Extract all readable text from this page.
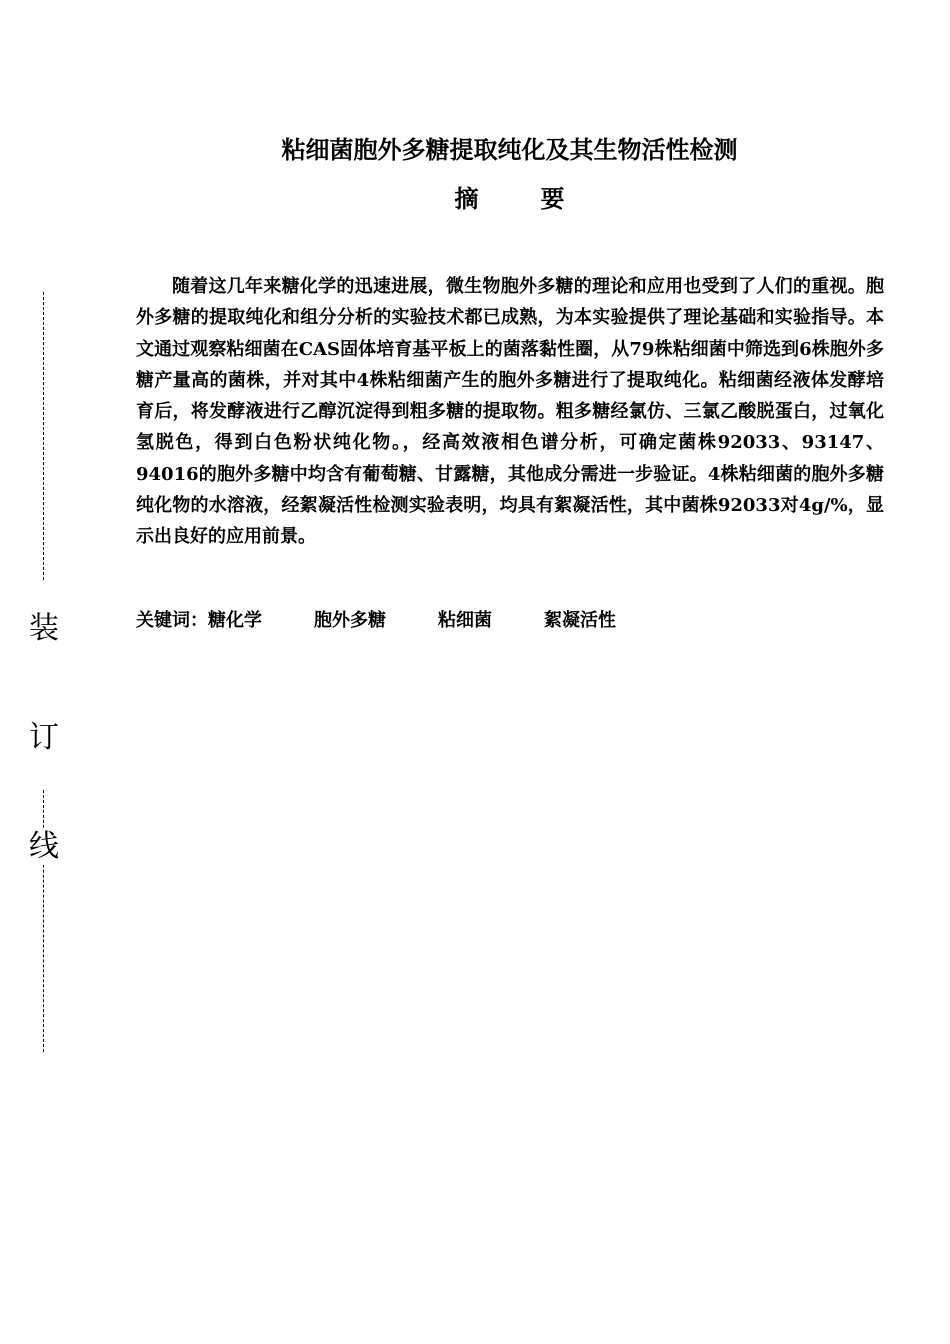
装
订
线
粘细菌胞外多糖提取纯化及其生物活性检测
摘	要

随着这几年来糖化学的迅速进展，微生物胞外多糖的理论和应用也受到了人们的重视。胞外多糖的提取纯化和组分分析的实验技术都已成熟，为本实验提供了理论基础和实验指导。本文通过观察粘细菌在CAS固体培育基平板上的菌落黏性圈，从79株粘细菌中筛选到6株胞外多糖产量高的菌株，并对其中4株粘细菌产生的胞外多糖进行了提取纯化。粘细菌经液体发酵培育后，将发酵液进行乙醇沉淀得到粗多糖的提取物。粗多糖经氯仿、三氯乙酸脱蛋白，过氧化氢脱色，得到白色粉状纯化物。，经高效液相色谱分析，可确定菌株92033、93147、94016的胞外多糖中均含有葡萄糖、甘露糖，其他成分需进一步验证。4株粘细菌的胞外多糖纯化物的水溶液，经絮凝活性检测实验表明，均具有絮凝活性，其中菌株92033对4g/%，显示出良好的应用前景。

关键词：糖化学	胞外多糖	粘细菌	絮凝活性
